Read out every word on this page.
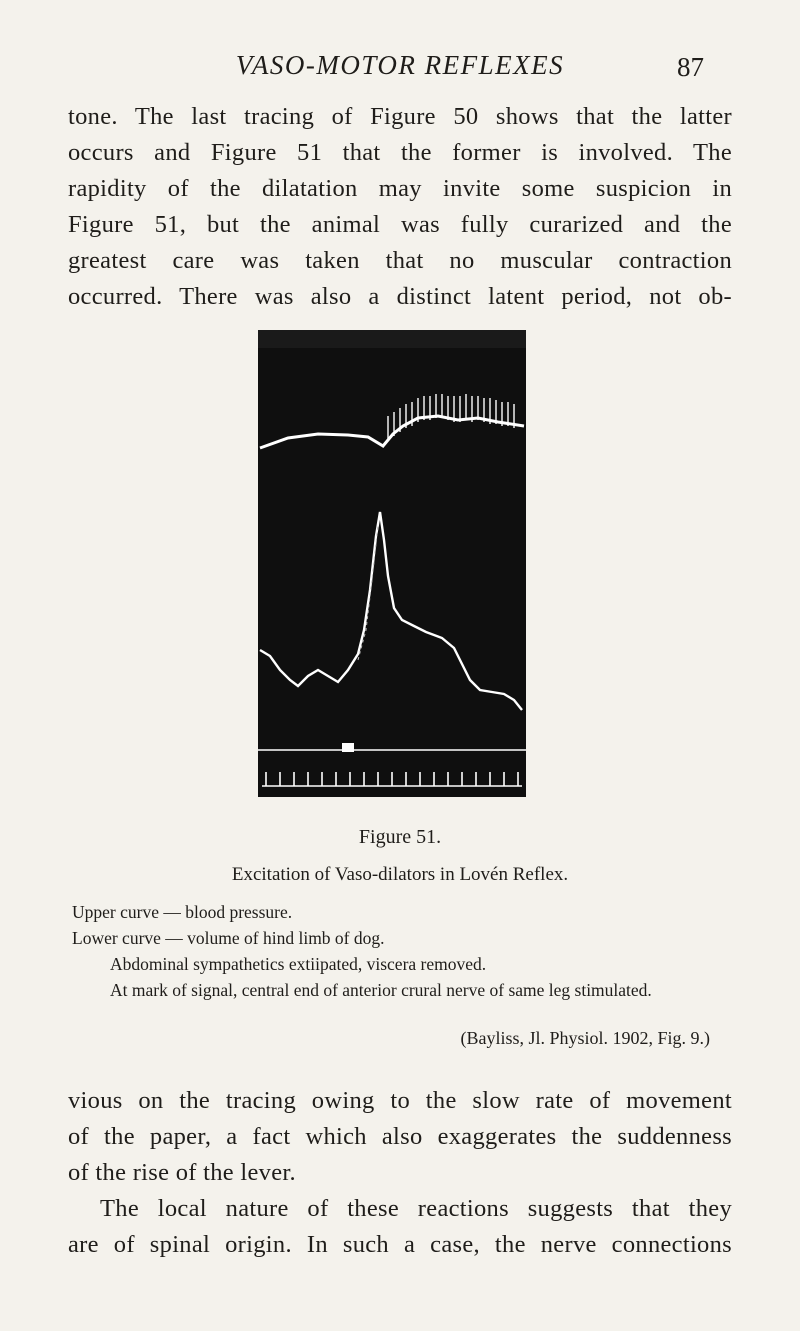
VASO-MOTOR REFLEXES	87
tone. The last tracing of Figure 50 shows that the latter
occurs and Figure 51 that the former is involved. The
rapidity of the dilatation may invite some suspicion in
Figure 51, but the animal was fully curarized and the
greatest care was taken that no muscular contraction
occurred. There was also a distinct latent period, not ob-
Figure 51.
Excitation of Vaso-dilators in Lovén Reflex.
Upper curve — blood pressure.
Lower curve — volume of hind limb of dog.
Abdominal sympathetics extiipated, viscera removed.
At mark of signal, central end of anterior crural nerve of same leg stimulated.
(Bayliss, Jl. Physiol. 1902, Fig. 9.)
vious on the tracing owing to the slow rate of movement
of the paper, a fact which also exaggerates the suddenness
of the rise of the lever.
The local nature of these reactions suggests that they
are of spinal origin. In such a case, the nerve connections
